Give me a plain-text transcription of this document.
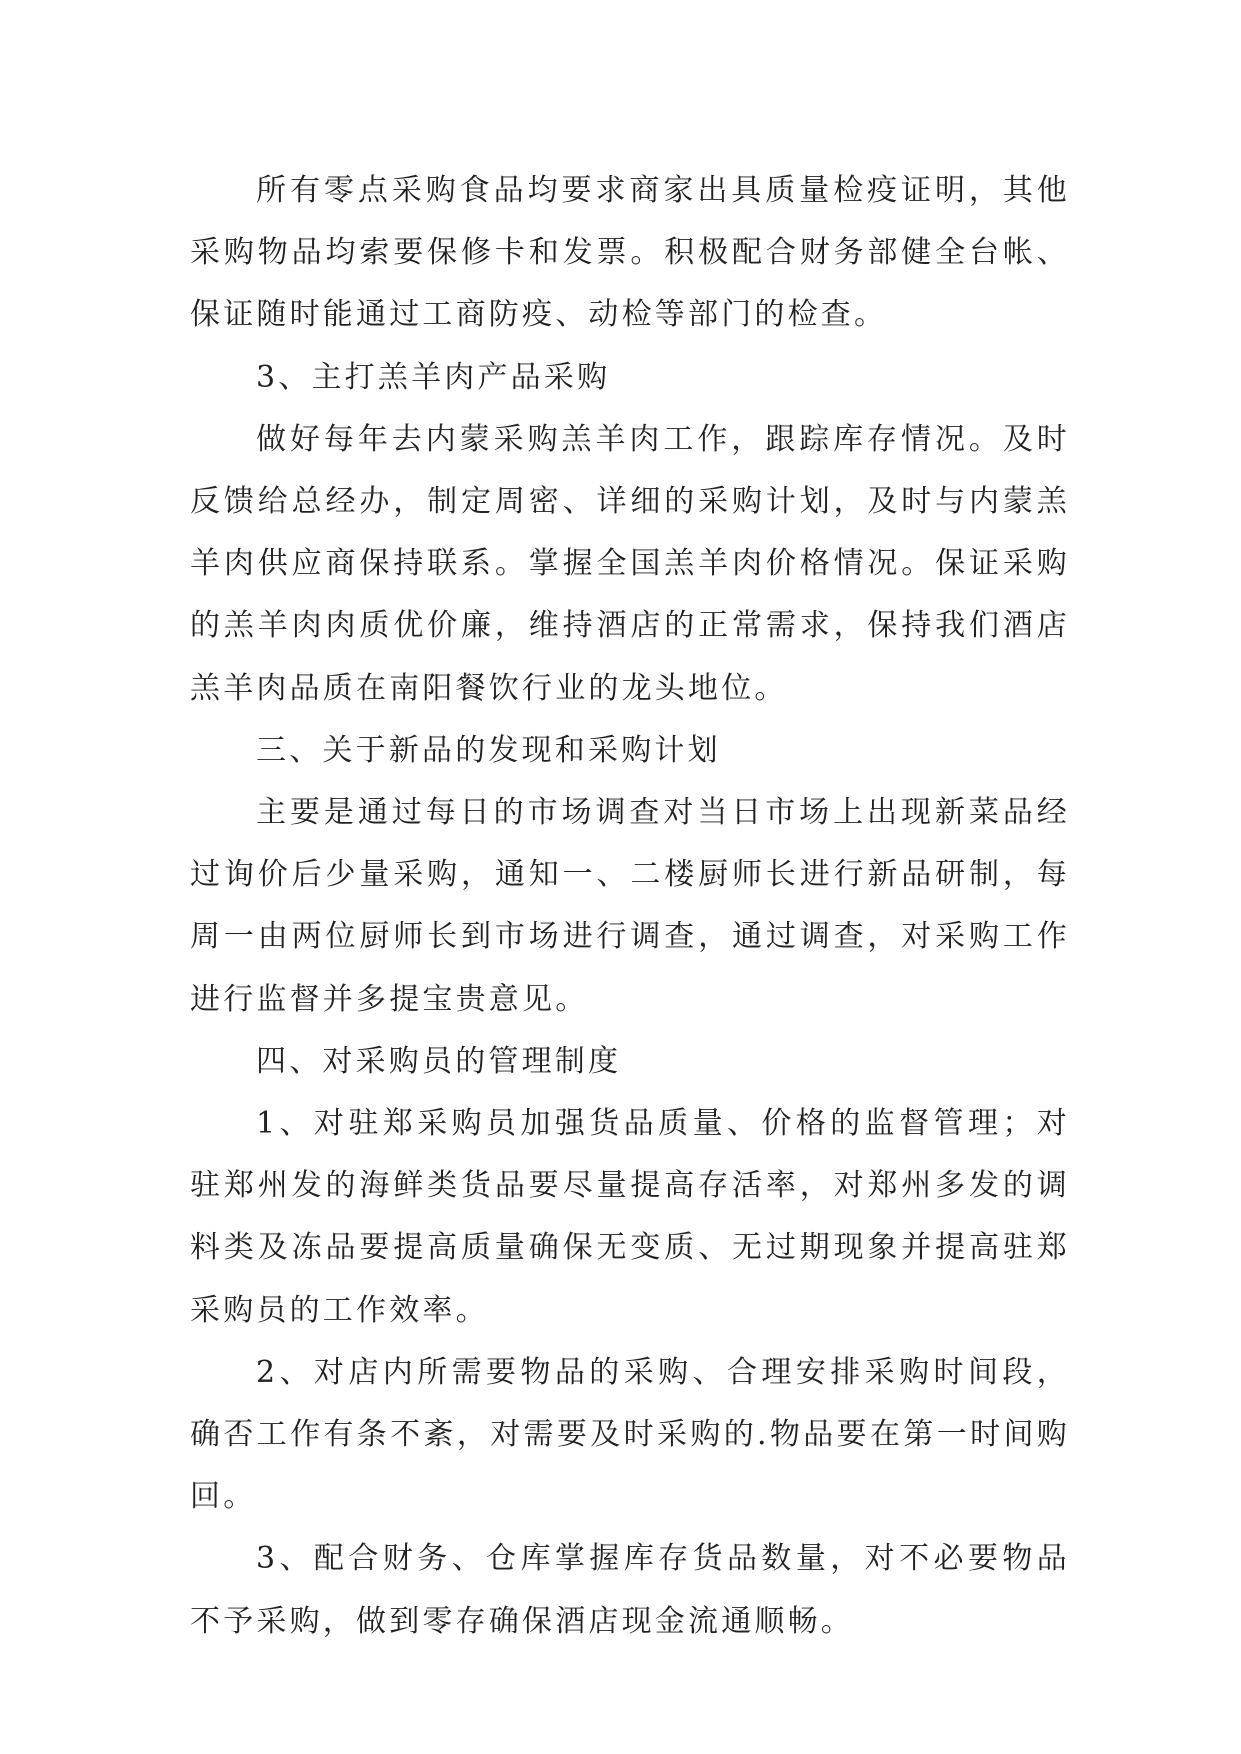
所有零点采购食品均要求商家出具质量检疫证明，其他采购物品均索要保修卡和发票。积极配合财务部健全台帐、保证随时能通过工商防疫、动检等部门的检查。

3、主打羔羊肉产品采购

做好每年去内蒙采购羔羊肉工作，跟踪库存情况。及时反馈给总经办，制定周密、详细的采购计划，及时与内蒙羔羊肉供应商保持联系。掌握全国羔羊肉价格情况。保证采购的羔羊肉肉质优价廉，维持酒店的正常需求，保持我们酒店羔羊肉品质在南阳餐饮行业的龙头地位。

三、关于新品的发现和采购计划

主要是通过每日的市场调查对当日市场上出现新菜品经过询价后少量采购，通知一、二楼厨师长进行新品研制，每周一由两位厨师长到市场进行调查，通过调查，对采购工作进行监督并多提宝贵意见。

四、对采购员的管理制度

1、对驻郑采购员加强货品质量、价格的监督管理；对驻郑州发的海鲜类货品要尽量提高存活率，对郑州多发的调料类及冻品要提高质量确保无变质、无过期现象并提高驻郑采购员的工作效率。

2、对店内所需要物品的采购、合理安排采购时间段，确否工作有条不紊，对需要及时采购的.物品要在第一时间购回。

3、配合财务、仓库掌握库存货品数量，对不必要物品不予采购，做到零存确保酒店现金流通顺畅。
